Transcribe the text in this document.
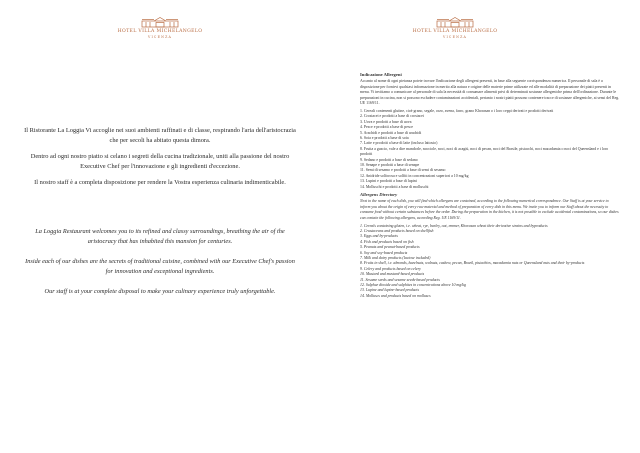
HOTEL VILLA MICHELANGELO
VICENZA

Il Ristorante La Loggia Vi accoglie nei suoi ambienti raffinati e di classe, respirando l'aria dell'aristocrazia che per secoli ha abitato questa dimora.

Dentro ad ogni nostro piatto si celano i segreti della cucina tradizionale, uniti alla passione del nostro Executive Chef per l'innovazione e gli ingredienti d'eccezione.

Il nostro staff è a completa disposizione per rendere la Vostra esperienza culinaria indimenticabile.

La Loggia Restaurant welcomes you to its refined and classy surroundings, breathing the air of the aristocracy that has inhabited this mansion for centuries.

Inside each of our dishes are the secrets of traditional cuisine, combined with our Executive Chef's passion for innovation and exceptional ingredients.

Our staff is at your complete disposal to make your culinary experience truly unforgettable.

HOTEL VILLA MICHELANGELO
VICENZA
Indicazione Allergeni
Accanto al nome di ogni pietanza potete trovare l'indicazione degli allergeni presenti, in base alla seguente corrispondenza numerica. Il personale di sala è a disposizione per fornirvi qualsiasi informazione in merito alla natura e origine delle materie prime utilizzate ed alle modalità di preparazione dei piatti presenti in menu. Vi invitiamo a comunicare al personale di sala la necessità di consumare alimenti privi di determinati sostanze allergeniche prima dell'ordinazione. Durante le preparazioni in cucina, non si possono escludere contaminazioni accidentali, pertanto i nostri piatti possono contenere tracce di sostanze allergeniche, ai sensi del Reg. UE 1169/11.
1. Cereali contenenti glutine, cioè grano, segale, orzo, avena, farro, grano Khorasan o i loro ceppi derivati e prodotti derivati
2. Crostacei e prodotti a base di crostacei
3. Uova e prodotti a base di uova
4. Pesce e prodotti a base di pesce
5. Arachidi e prodotti a base di arachidi
6. Soia e prodotti a base di soia
7. Latte e prodotti a base di latte (incluso lattosio)
8. Frutta a guscio, vale a dire mandorle, nocciole, noci, noci di acagiù, noci di pecan, noci del Brasile, pistacchi, noci macadamia o noci del Queensland e i loro prodotti
9. Sedano e prodotti a base di sedano
10. Senape e prodotti a base di senape
11. Semi di sesamo e prodotti a base di semi di sesamo
12. Anidride solforosa e solfiti in concentrazioni superiori a 10 mg/kg
13. Lupini e prodotti a base di lupini
14. Molluschi e prodotti a base di molluschi
Allergens Directory
Next to the name of each dish, you will find which allergens are contained, according to the following numerical correspondence. Our Staff is at your service to inform you about the origin of every raw material and method of preparation of every dish in this menu. We invite you to inform our Staff about the necessity to consume food without certain substances before the order. During the preparation in the kitchen, it is not possible to exclude accidental contaminations, so our dishes can contain the following allergens, according Reg. UE 1169/11.
1. Cereals containing gluten, i.e. wheat, rye, barley, oat, emmer, Khorasan wheat their derivative strains and byproducts
2. Crustaceans and products based on shellfish
3. Eggs and by-products
4. Fish and products based on fish
5. Peanuts and peanut-based products
6. Soy and soy-based products
7. Milk and dairy products (lactose included)
8. Fruits in shell, i.e. almonds, hazelnuts, walnuts, cashew, pecan, Brazil, pistachios, macadamia nuts or Queensland nuts and their by-products
9. Celery and products based on celery
10. Mustard and mustard-based products
11. Sesame seeds and sesame seeds-based products
12. Sulphur dioxide and sulphites in concentrations above 10 mg/kg
13. Lupine and lupine-based products
14. Molluscs and products based on molluscs
